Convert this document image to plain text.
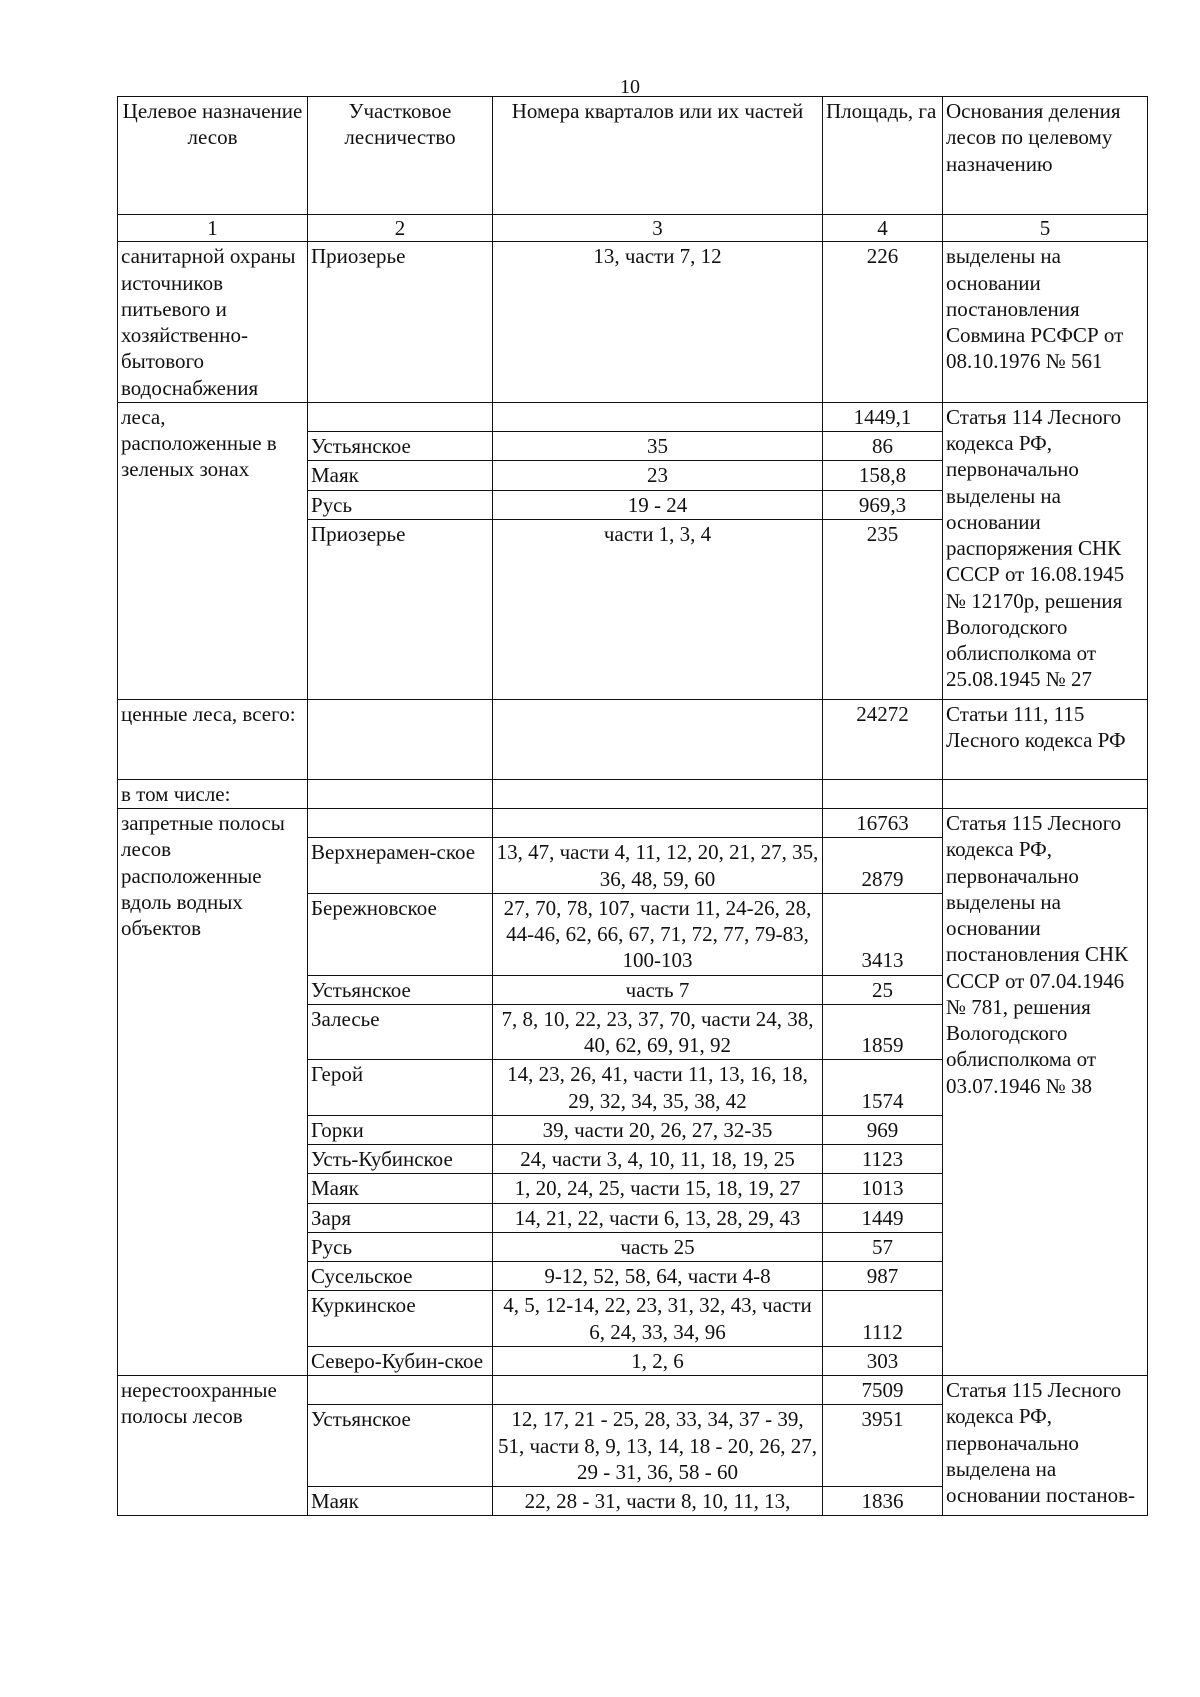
10
Целевое назначение лесов	Участковое лесничество	Номера кварталов или их частей	Площадь, га	Основания деления лесов по целевому назначению
1	2	3	4	5
санитарной охраны источников питьевого и хозяйственно-бытового водоснабжения	Приозерье	13, части 7, 12	226	выделены на основании постановления Совмина РСФСР от 08.10.1976 № 561
леса, расположенные в зеленых зонах			1449,1	Статья 114 Лесного кодекса РФ, первоначально выделены на основании распоряжения СНК СССР от 16.08.1945 № 12170р, решения Вологодского облисполкома от 25.08.1945 № 27
	Устьянское	35	86	
	Маяк	23	158,8	
	Русь	19 - 24	969,3	
	Приозерье	части 1, 3, 4	235	
ценные леса, всего:			24272	Статьи 111, 115 Лесного кодекса РФ
в том числе:				
запретные полосы лесов расположенные вдоль водных объектов			16763	Статья 115 Лесного кодекса РФ, первоначально выделены на основании постановления СНК СССР от 07.04.1946 № 781, решения Вологодского облисполкома от 03.07.1946 № 38
	Верхнерамен-ское	13, 47, части 4, 11, 12, 20, 21, 27, 35, 36, 48, 59, 60	2879	
	Бережновское	27, 70, 78, 107, части 11, 24-26, 28, 44-46, 62, 66, 67, 71, 72, 77, 79-83, 100-103	3413	
	Устьянское	часть 7	25	
	Залесье	7, 8, 10, 22, 23, 37, 70, части 24, 38, 40, 62, 69, 91, 92	1859	
	Герой	14, 23, 26, 41, части 11, 13, 16, 18, 29, 32, 34, 35, 38, 42	1574	
	Горки	39, части 20, 26, 27, 32-35	969	
	Усть-Кубинское	24, части 3, 4, 10, 11, 18, 19, 25	1123	
	Маяк	1, 20, 24, 25, части 15, 18, 19, 27	1013	
	Заря	14, 21, 22, части 6, 13, 28, 29, 43	1449	
	Русь	часть 25	57	
	Сусельское	9-12, 52, 58, 64, части 4-8	987	
	Куркинское	4, 5, 12-14, 22, 23, 31, 32, 43, части 6, 24, 33, 34, 96	1112	
	Северо-Кубин-ское	1, 2, 6	303	
нерестоохранные полосы лесов			7509	Статья 115 Лесного кодекса РФ, первоначально выделена на основании постанов-
	Устьянское	12, 17, 21 - 25, 28, 33, 34, 37 - 39, 51, части 8, 9, 13, 14, 18 - 20, 26, 27, 29 - 31, 36, 58 - 60	3951	
	Маяк	22, 28 - 31, части 8, 10, 11, 13,	1836	
